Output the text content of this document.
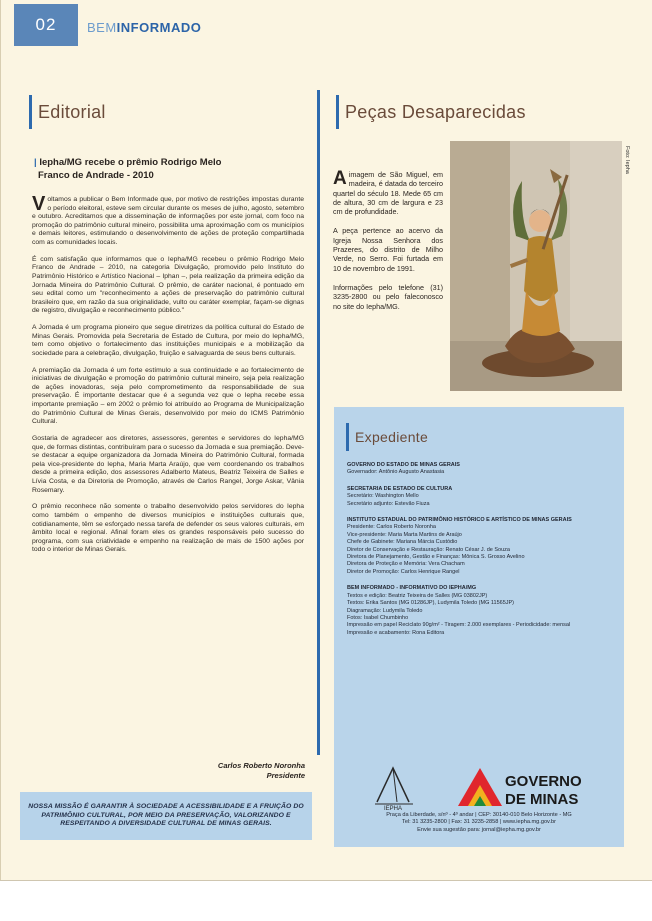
02	BEMINFORMADO
Editorial
| Iepha/MG recebe o prêmio Rodrigo Melo
Franco de Andrade - 2010

Voltamos a publicar o Bem Informade que, por motivo de restrições impostas durante o período eleitoral, esteve sem circular durante os meses de julho, agosto, setembro e outubro. Acreditamos que a disseminação de informações por este jornal, com foco na promoção do patrimônio cultural mineiro, possibilita uma aproximação com os municípios e demais leitores, estimulando o desenvolvimento de ações de proteção compartilhada com as comunidades locais.

É com satisfação que informamos que o Iepha/MG recebeu o prêmio Rodrigo Melo Franco de Andrade – 2010, na categoria Divulgação, promovido pelo Instituto do Patrimônio Histórico e Artístico Nacional – Iphan –, pela realização da primeira edição da Jornada Mineira do Patrimônio Cultural. O prêmio, de caráter nacional, é pontuado em seu edital como um "reconhecimento a ações de preservação do patrimônio cultural brasileiro que, em razão da sua originalidade, vulto ou caráter exemplar, façam-se dignas de registro, divulgação e reconhecimento público."

A Jornada é um programa pioneiro que segue diretrizes da política cultural do Estado de Minas Gerais. Promovida pela Secretaria de Estado de Cultura, por meio do Iepha/MG, tem como objetivo o fortalecimento das instituições municipais e a mobilização da sociedade para a celebração, divulgação, fruição e salvaguarda de seus bens culturais.

A premiação da Jornada é um forte estímulo a sua continuidade e ao fortalecimento de iniciativas de divulgação e promoção do patrimônio cultural mineiro, seja pela realização de ações inovadoras, seja pelo comprometimento da responsabilidade de sua preservação. É importante destacar que é a segunda vez que o Iepha recebe essa importante premiação – em 2002 o prêmio foi atribuído ao Programa de Municipalização do Patrimônio Cultural de Minas Gerais, desenvolvido por meio do ICMS Patrimônio Cultural.

Gostaria de agradecer aos diretores, assessores, gerentes e servidores do Iepha/MG que, de formas distintas, contribuíram para o sucesso da Jornada e sua premiação. Deve-se destacar a equipe organizadora da Jornada Mineira do Patrimônio Cultural, formada pela vice-presidente do Iepha, Maria Marta Araújo, que vem coordenando os trabalhos desde a primeira edição, dos assessores Adalberto Mateus, Beatriz Teixeira de Salles e Lívia Costa, e da Diretoria de Promoção, através de Carlos Rangel, Jorge Askar, Vânia Rosemary.

O prêmio reconhece não somente o trabalho desenvolvido pelos servidores do Iepha como também o empenho de diversos municípios e instituições culturais que, cotidianamente, têm se esforçado nessa tarefa de defender os seus valores culturais, em âmbito local e regional. Afinal foram eles os grandes responsáveis pelo sucesso do programa, com sua criatividade e empenho na realização de mais de 1500 ações por todo o interior de Minas Gerais.

Carlos Roberto Noronha
Presidente
NOSSA MISSÃO É GARANTIR À SOCIEDADE A ACESSIBILIDADE E A FRUIÇÃO DO PATRIMÔNIO CULTURAL, POR MEIO DA PRESERVAÇÃO, VALORIZANDO E RESPEITANDO A DIVERSIDADE CULTURAL DE MINAS GERAIS.
Peças Desaparecidas

A imagem de São Miguel, em madeira, é datada do terceiro quartel do século 18. Mede 65 cm de altura, 30 cm de largura e 23 cm de profundidade.

A peça pertence ao acervo da Igreja Nossa Senhora dos Prazeres, do distrito de Milho Verde, no Serro. Foi furtada em 10 de novembro de 1991.

Informações pelo telefone (31) 3235-2800 ou pelo faleconosco no site do Iepha/MG.

Foto: Iepha
Expediente
GOVERNO DO ESTADO DE MINAS GERAIS
Governador: Antônio Augusto Anastasia
SECRETARIA DE ESTADO DE CULTURA
Secretário: Washington Mello
Secretário adjunto: Estevão Fiuza
INSTITUTO ESTADUAL DO PATRIMÔNIO HISTÓRICO E ARTÍSTICO DE MINAS GERAIS
Presidente: Carlos Roberto Noronha
Vice-presidente: Maria Marta Martins de Araújo
Chefe de Gabinete: Mariana Márcia Custódio
Diretor de Conservação e Restauração: Renato César J. de Souza
Diretora de Planejamento, Gestão e Finanças: Mônica S. Grosso Avelino
Diretora de Proteção e Memória: Vera Chacham
Diretor de Promoção: Carlos Henrique Rangel
BEM INFORMADO - INFORMATIVO DO IEPHA/MG
Textos e edição: Beatriz Teixeira de Salles (MG 03802JP)
Textos: Erika Santos (MG 01286JP), Ludymila Toledo (MG 11565JP)
Diagramação: Ludymila Toledo
Fotos: Isabel Chumbinho
Impressão em papel Reciclato 90g/m² - Tiragem: 2.000 exemplares - Periodicidade: mensal
Impressão e acabamento: Rona Editora
IEPHA
GOVERNO
DE MINAS
Praça da Liberdade, s/nº - 4º andar | CEP: 30140-010 Belo Horizonte - MG
Tel: 31 3235-2800 | Fax: 31 3235-2858 | www.iepha.mg.gov.br
Envie sua sugestão para: jornal@iepha.mg.gov.br
